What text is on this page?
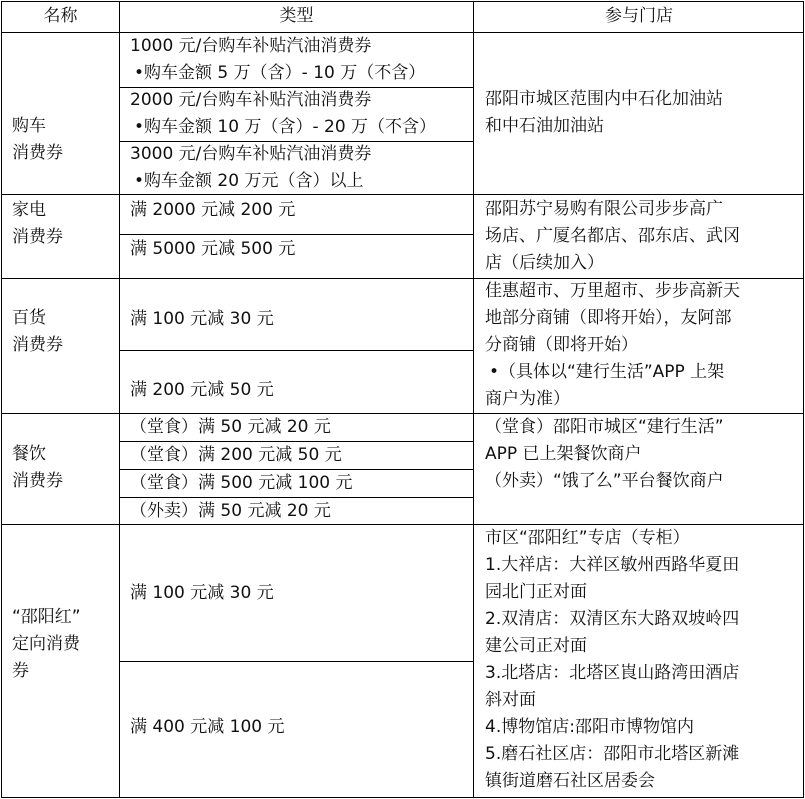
名称	类型	参与门店
购车
消费券
1000 元/台购车补贴汽油消费券
•购车金额 5 万（含）- 10 万（不含）
2000 元/台购车补贴汽油消费券
•购车金额 10 万（含）- 20 万（不含）
3000 元/台购车补贴汽油消费券
•购车金额 20 万元（含）以上
邵阳市城区范围内中石化加油站
和中石油加油站
家电
消费券
满 2000 元减 200 元
满 5000 元减 500 元
邵阳苏宁易购有限公司步步高广
场店、广厦名都店、邵东店、武冈
店（后续加入）
百货
消费券
满 100 元减 30 元
满 200 元减 50 元
佳惠超市、万里超市、步步高新天
地部分商铺（即将开始），友阿部
分商铺（即将开始）
•（具体以“建行生活”APP 上架
商户为准）
餐饮
消费券
（堂食）满 50 元减 20 元
（堂食）满 200 元减 50 元
（堂食）满 500 元减 100 元
（外卖）满 50 元减 20 元
（堂食）邵阳市城区“建行生活”
APP 已上架餐饮商户
（外卖）“饿了么”平台餐饮商户
“邵阳红”
定向消费
券
满 100 元减 30 元
满 400 元减 100 元
市区“邵阳红”专店（专柜）
1.大祥店：大祥区敏州西路华夏田
园北门正对面
2.双清店：双清区东大路双坡岭四
建公司正对面
3.北塔店：北塔区崀山路湾田酒店
斜对面
4.博物馆店:邵阳市博物馆内
5.磨石社区店：邵阳市北塔区新滩
镇街道磨石社区居委会
